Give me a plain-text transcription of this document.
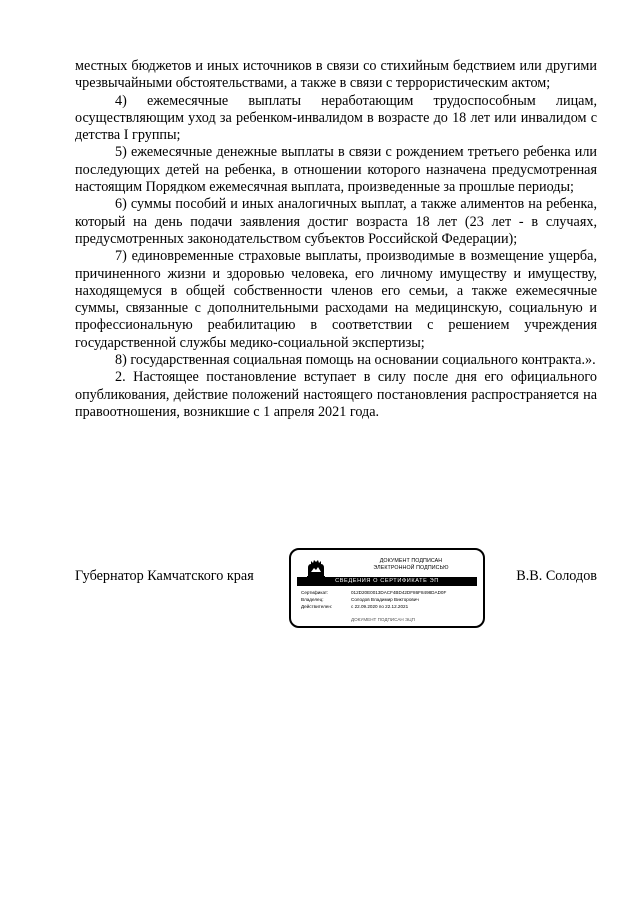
местных бюджетов и иных источников в связи со стихийным бедствием или другими чрезвычайными обстоятельствами, а также в связи с террористическим актом;

4) ежемесячные выплаты неработающим трудоспособным лицам, осуществляющим уход за ребенком-инвалидом в возрасте до 18 лет или инвалидом с детства I группы;

5) ежемесячные денежные выплаты в связи с рождением третьего ребенка или последующих детей на ребенка, в отношении которого назначена предусмотренная настоящим Порядком ежемесячная выплата, произведенные за прошлые периоды;

6) суммы пособий и иных аналогичных выплат, а также алиментов на ребенка, который на день подачи заявления достиг возраста 18 лет (23 лет - в случаях, предусмотренных законодательством субъектов Российской Федерации);

7) единовременные страховые выплаты, производимые в возмещение ущерба, причиненного жизни и здоровью человека, его личному имуществу и имуществу, находящемуся в общей собственности членов его семьи, а также ежемесячные суммы, связанные с дополнительными расходами на медицинскую, социальную и профессиональную реабилитацию в соответствии с решением учреждения государственной службы медико-социальной экспертизы;

8) государственная социальная помощь на основании социального контракта.».

2. Настоящее постановление вступает в силу после дня его официального опубликования, действие положений настоящего постановления распространяется на правоотношения, возникшие с 1 апреля 2021 года.

Губернатор Камчатского края
ДОКУМЕНТ ПОДПИСАН
ЭЛЕКТРОННОЙ ПОДПИСЬЮ
СВЕДЕНИЯ О СЕРТИФИКАТЕ ЭП
Сертификат:	012D20E0013DACF4BD42DF86F8498DAD0F
Владелец:	Солодов Владимир Викторович
Действителен:	с 22.09.2020 по 22.12.2021
ДОКУМЕНТ ПОДПИСАН ЭЦП
В.В. Солодов
